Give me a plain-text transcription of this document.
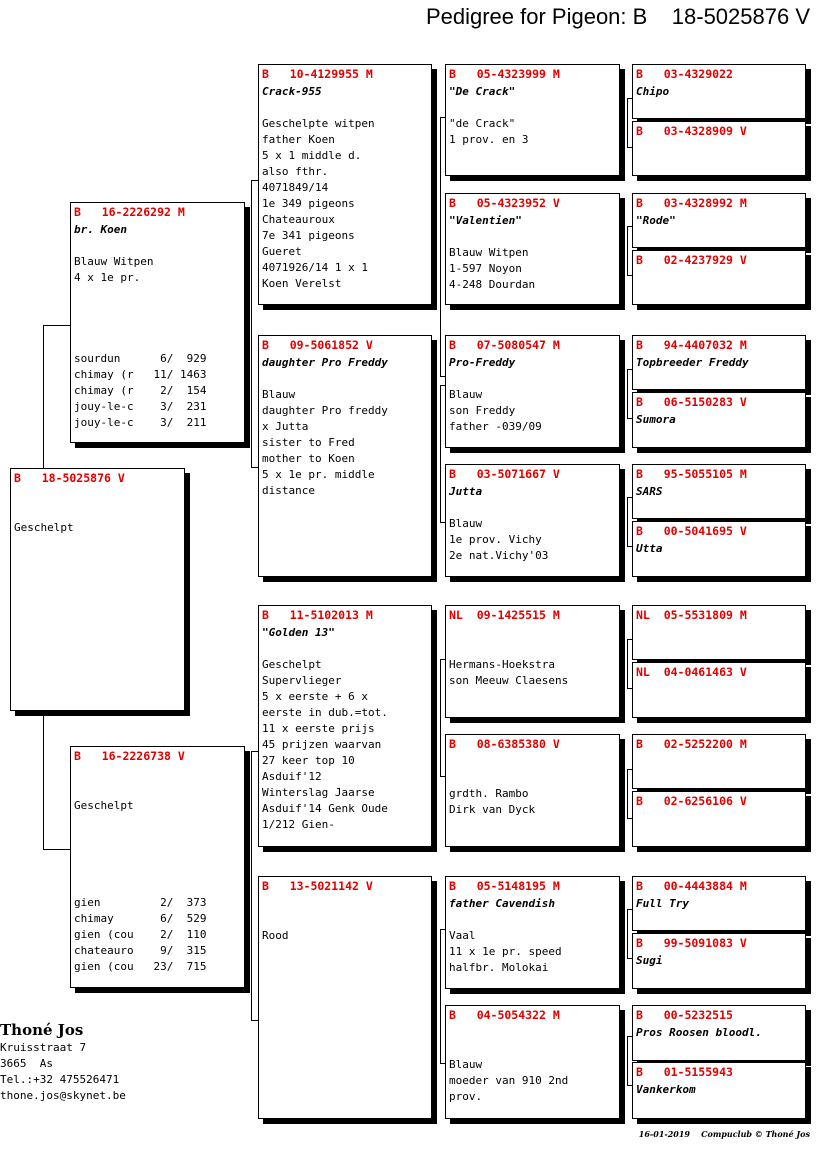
Pedigree for Pigeon: B    18-5025876 V
B   18-5025876 V
Geschelpt
B   16-2226292 M
br. Koen
Blauw Witpen
4 x 1e pr.
sourdun      6/  929
chimay (r   11/ 1463
chimay (r    2/  154
jouy-le-c    3/  231
jouy-le-c    3/  211
B   16-2226738 V
Geschelpt
gien         2/  373
chimay       6/  529
gien (cou    2/  110
chateauro    9/  315
gien (cou   23/  715
B   10-4129955 M
Crack-955
Geschelpte witpen
father Koen
5 x 1 middle d.
also fthr.
4071849/14
1e 349 pigeons
Chateauroux
7e 341 pigeons
Gueret
4071926/14 1 x 1
Koen Verelst
B   09-5061852 V
daughter Pro Freddy
Blauw
daughter Pro freddy
x Jutta
sister to Fred
mother to Koen
5 x 1e pr. middle
distance
B   11-5102013 M
"Golden 13"
Geschelpt
Supervlieger
5 x eerste + 6 x
eerste in dub.=tot.
11 x eerste prijs
45 prijzen waarvan
27 keer top 10
Asduif'12
Winterslag Jaarse
Asduif'14 Genk Oude
1/212 Gien-
B   13-5021142 V
Rood
B   05-4323999 M
"De Crack"
"de Crack"
1 prov. en 3
B   05-4323952 V
"Valentien"
Blauw Witpen
1-597 Noyon
4-248 Dourdan
B   07-5080547 M
Pro-Freddy
Blauw
son Freddy
father -039/09
B   03-5071667 V
Jutta
Blauw
1e prov. Vichy
2e nat.Vichy'03
NL  09-1425515 M
Hermans-Hoekstra
son Meeuw Claesens
B   08-6385380 V
grdth. Rambo
Dirk van Dyck
B   05-5148195 M
father Cavendish
Vaal
11 x 1e pr. speed
halfbr. Molokai
B   04-5054322 M
Blauw
moeder van 910 2nd
prov.
B   03-4329022
Chipo
B   03-4328909 V
B   03-4328992 M
"Rode"
B   02-4237929 V
B   94-4407032 M
Topbreeder Freddy
B   06-5150283 V
Sumora
B   95-5055105 M
SARS
B   00-5041695 V
Utta
NL  05-5531809 M
NL  04-0461463 V
B   02-5252200 M
B   02-6256106 V
B   00-4443884 M
Full Try
B   99-5091083 V
Sugi
B   00-5232515
Pros Roosen bloodl.
B   01-5155943
Vankerkom
Thoné Jos
Kruisstraat 7
3665  As
Tel.:+32 475526471
thone.jos@skynet.be
16-01-2019    Compuclub © Thoné Jos
